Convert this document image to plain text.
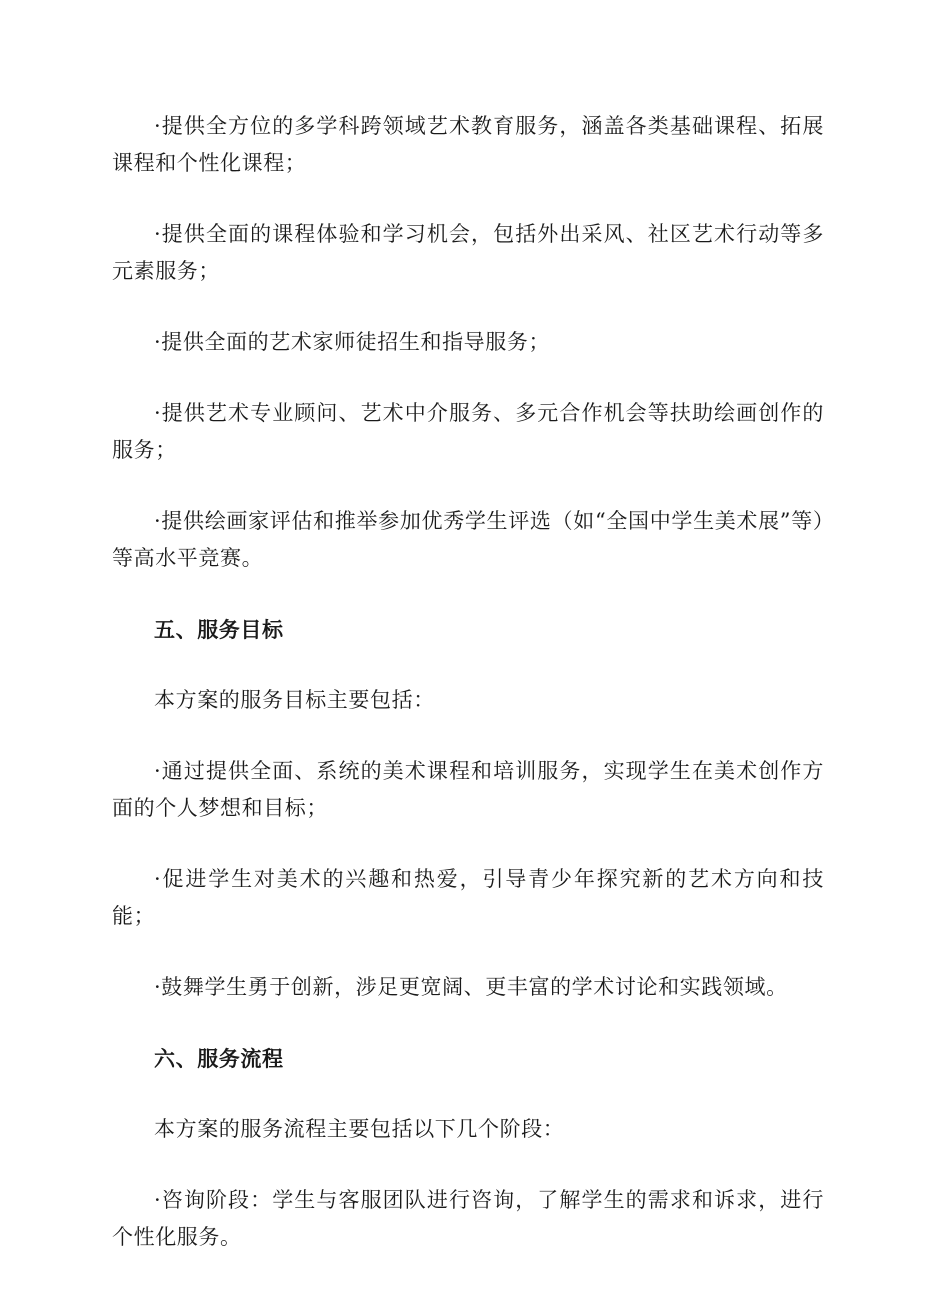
·提供全方位的多学科跨领域艺术教育服务，涵盖各类基础课程、拓展课程和个性化课程；

·提供全面的课程体验和学习机会，包括外出采风、社区艺术行动等多元素服务；

·提供全面的艺术家师徒招生和指导服务；

·提供艺术专业顾问、艺术中介服务、多元合作机会等扶助绘画创作的服务；

·提供绘画家评估和推举参加优秀学生评选（如“全国中学生美术展”等）等高水平竞赛。

五、服务目标

本方案的服务目标主要包括：

·通过提供全面、系统的美术课程和培训服务，实现学生在美术创作方面的个人梦想和目标；

·促进学生对美术的兴趣和热爱，引导青少年探究新的艺术方向和技能；

·鼓舞学生勇于创新，涉足更宽阔、更丰富的学术讨论和实践领域。

六、服务流程

本方案的服务流程主要包括以下几个阶段：

·咨询阶段：学生与客服团队进行咨询，了解学生的需求和诉求，进行个性化服务。
